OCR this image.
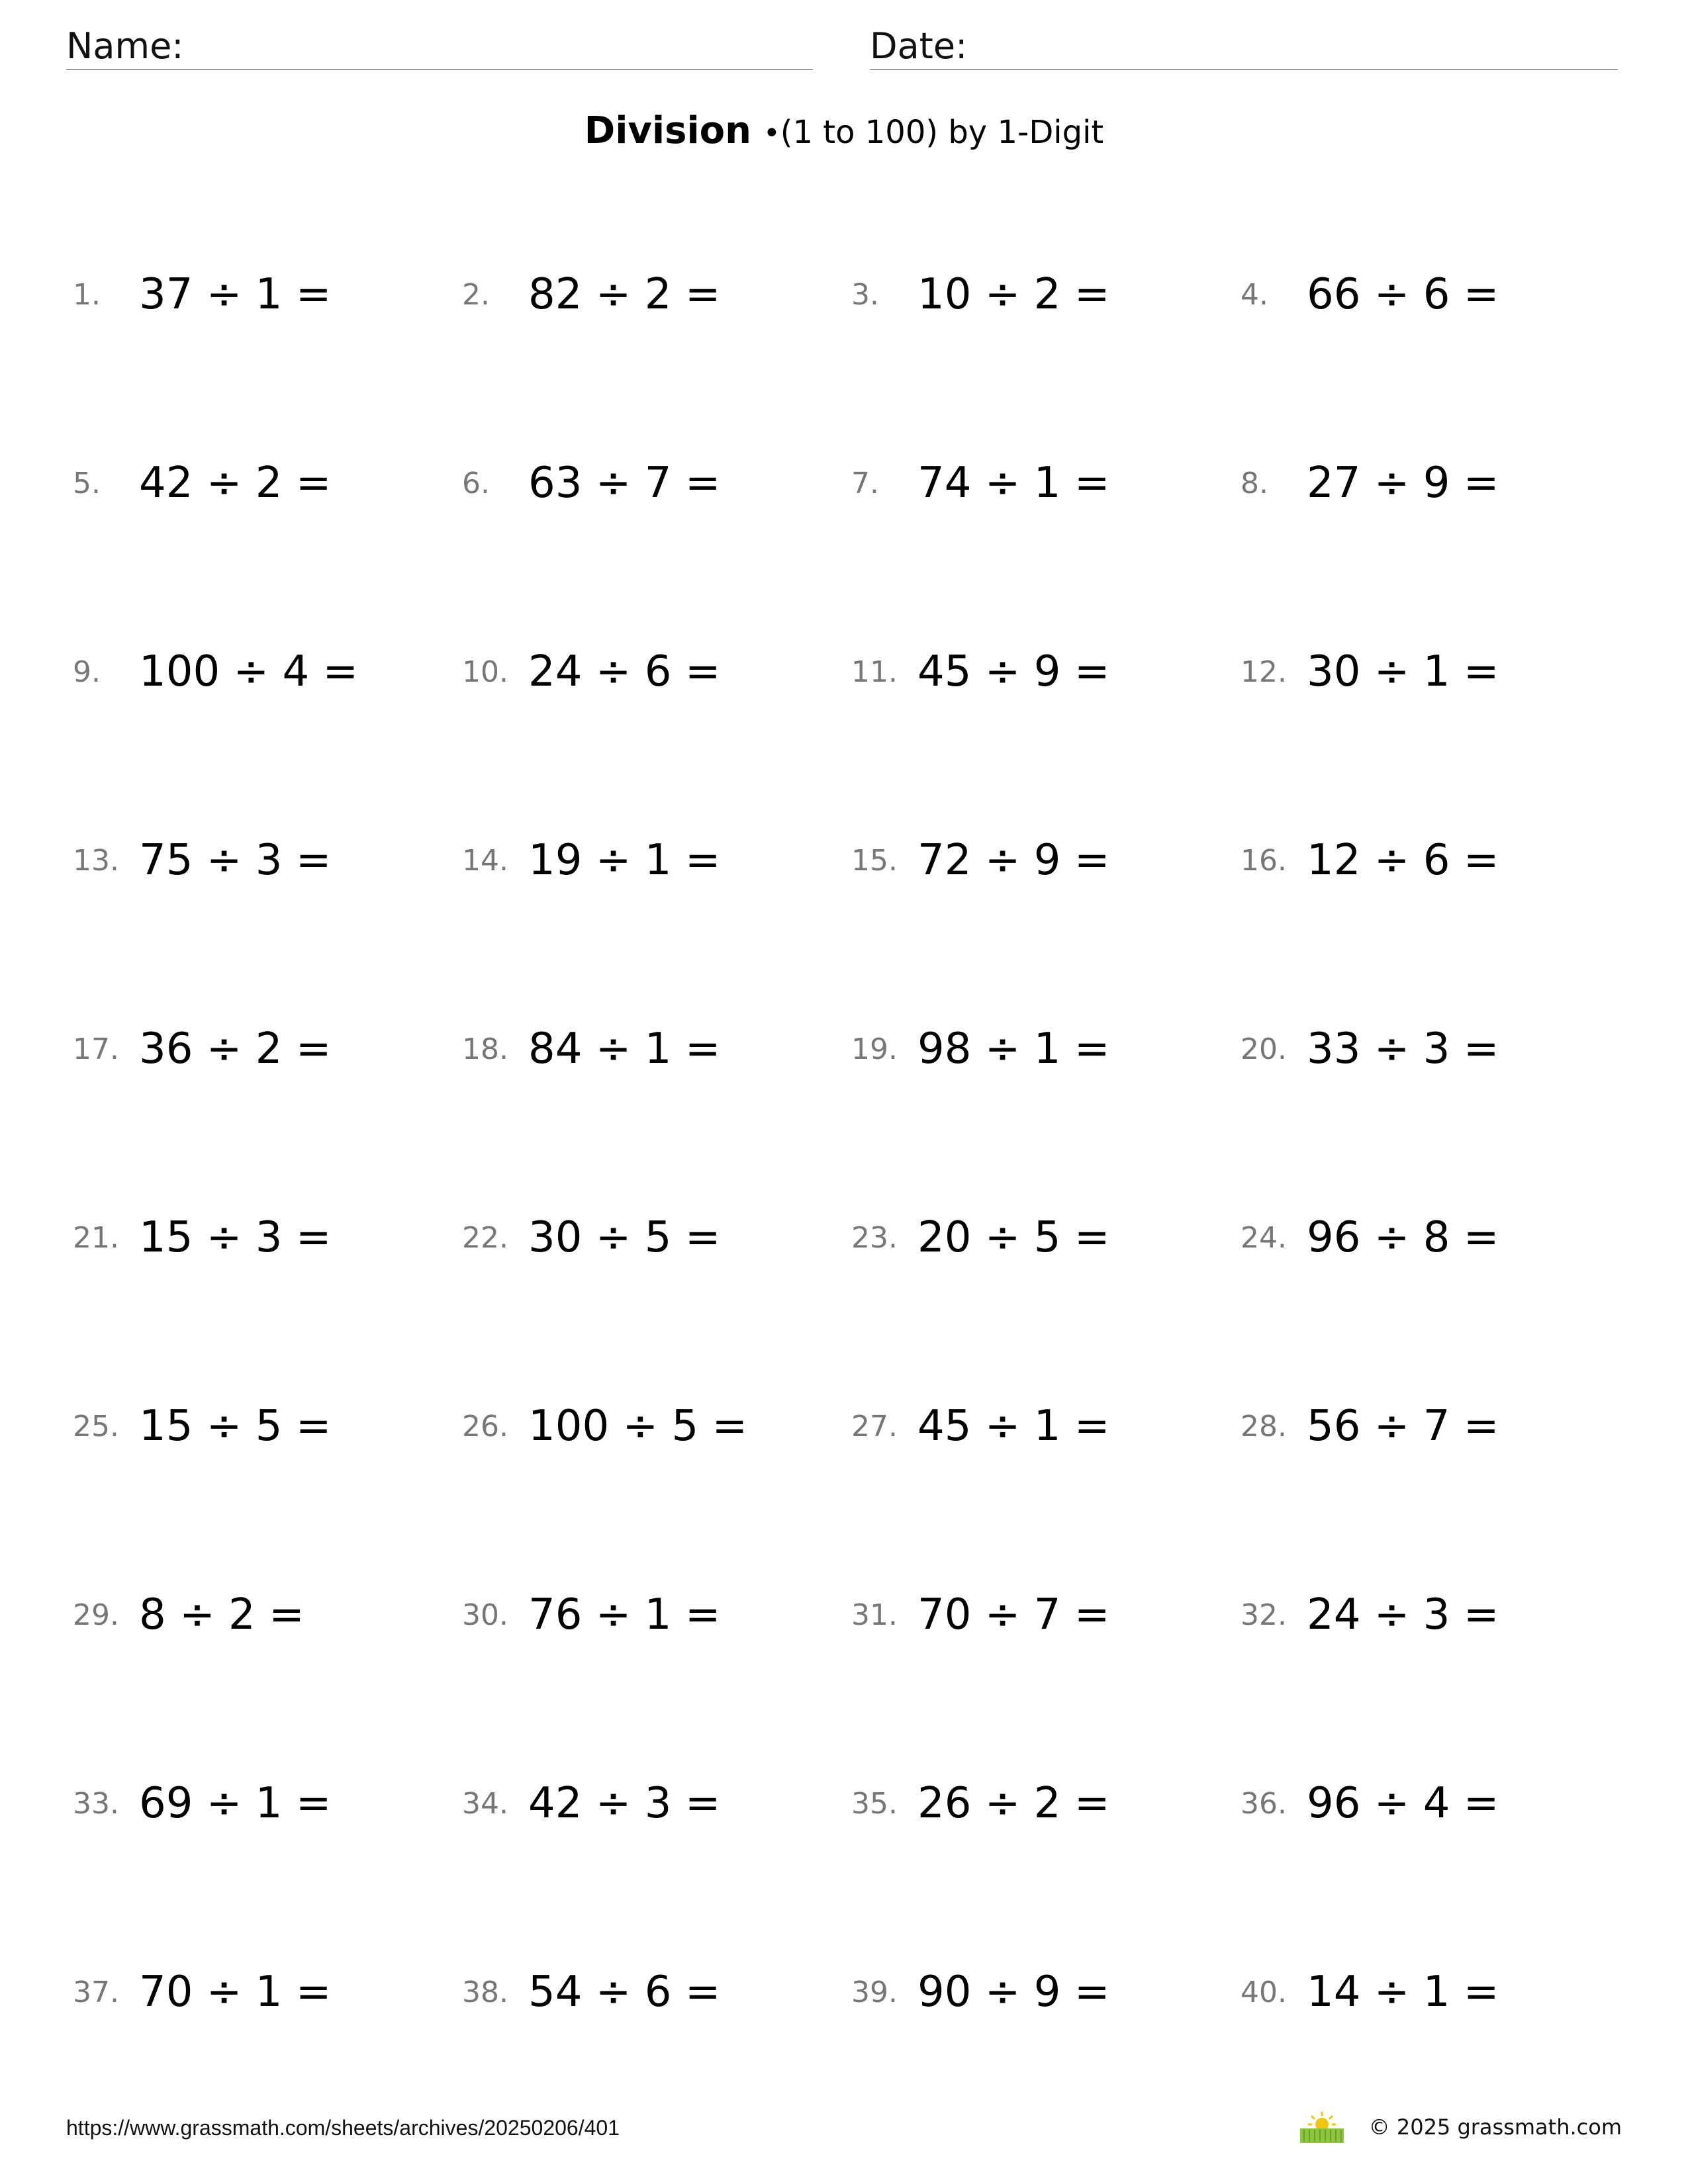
Name:	Date:
Division •(1 to 100) by 1-Digit
1. 37 ÷ 1 =	2. 82 ÷ 2 =	3. 10 ÷ 2 =	4. 66 ÷ 6 =
5. 42 ÷ 2 =	6. 63 ÷ 7 =	7. 74 ÷ 1 =	8. 27 ÷ 9 =
9. 100 ÷ 4 =	10. 24 ÷ 6 =	11. 45 ÷ 9 =	12. 30 ÷ 1 =
13. 75 ÷ 3 =	14. 19 ÷ 1 =	15. 72 ÷ 9 =	16. 12 ÷ 6 =
17. 36 ÷ 2 =	18. 84 ÷ 1 =	19. 98 ÷ 1 =	20. 33 ÷ 3 =
21. 15 ÷ 3 =	22. 30 ÷ 5 =	23. 20 ÷ 5 =	24. 96 ÷ 8 =
25. 15 ÷ 5 =	26. 100 ÷ 5 =	27. 45 ÷ 1 =	28. 56 ÷ 7 =
29. 8 ÷ 2 =	30. 76 ÷ 1 =	31. 70 ÷ 7 =	32. 24 ÷ 3 =
33. 69 ÷ 1 =	34. 42 ÷ 3 =	35. 26 ÷ 2 =	36. 96 ÷ 4 =
37. 70 ÷ 1 =	38. 54 ÷ 6 =	39. 90 ÷ 9 =	40. 14 ÷ 1 =
https://www.grassmath.com/sheets/archives/20250206/401	© 2025 grassmath.com
